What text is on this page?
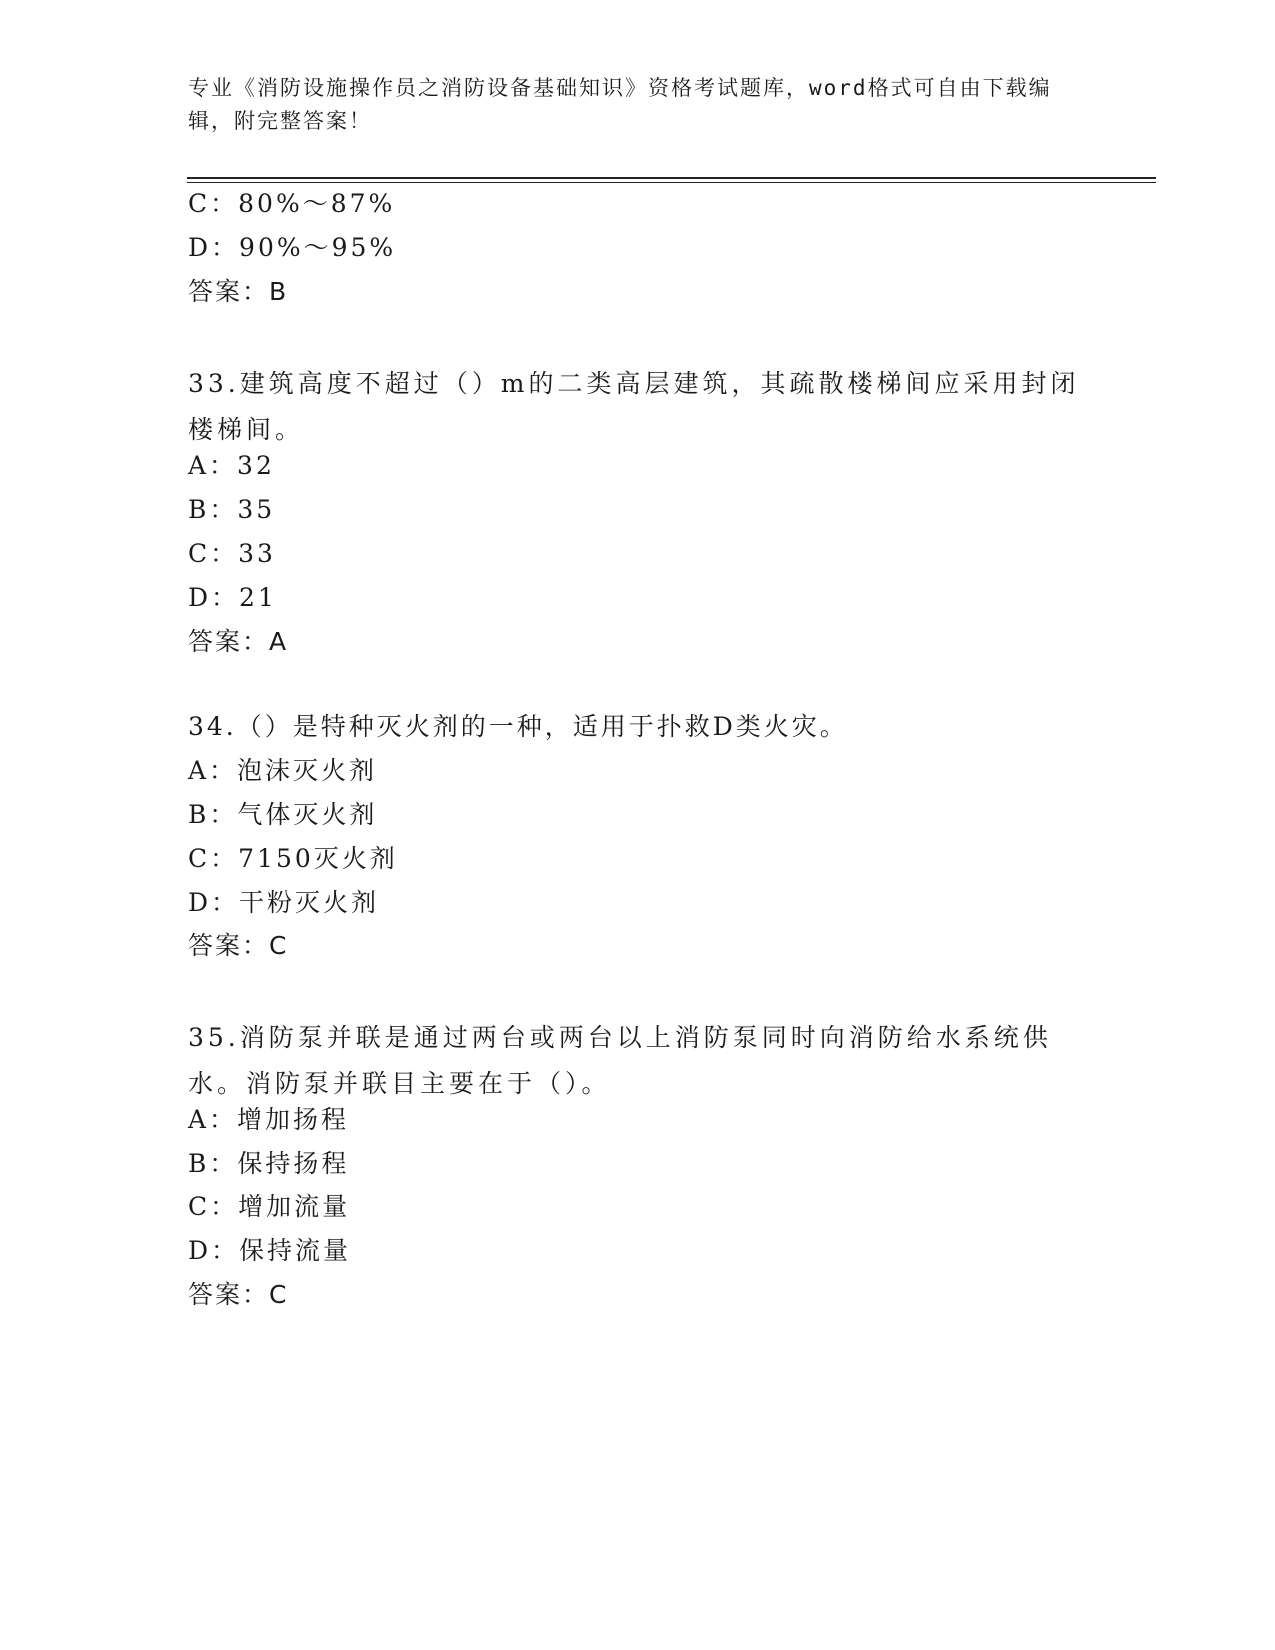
专业《消防设施操作员之消防设备基础知识》资格考试题库，word格式可自由下载编辑，附完整答案！
C：80%～87%
D：90%～95%
答案：B
33.建筑高度不超过（）m的二类高层建筑，其疏散楼梯间应采用封闭楼梯间。
A：32
B：35
C：33
D：21
答案：A
34.（）是特种灭火剂的一种，适用于扑救D类火灾。
A：泡沫灭火剂
B：气体灭火剂
C：7150灭火剂
D：干粉灭火剂
答案：C
35.消防泵并联是通过两台或两台以上消防泵同时向消防给水系统供水。消防泵并联目主要在于（）。
A：增加扬程
B：保持扬程
C：增加流量
D：保持流量
答案：C
